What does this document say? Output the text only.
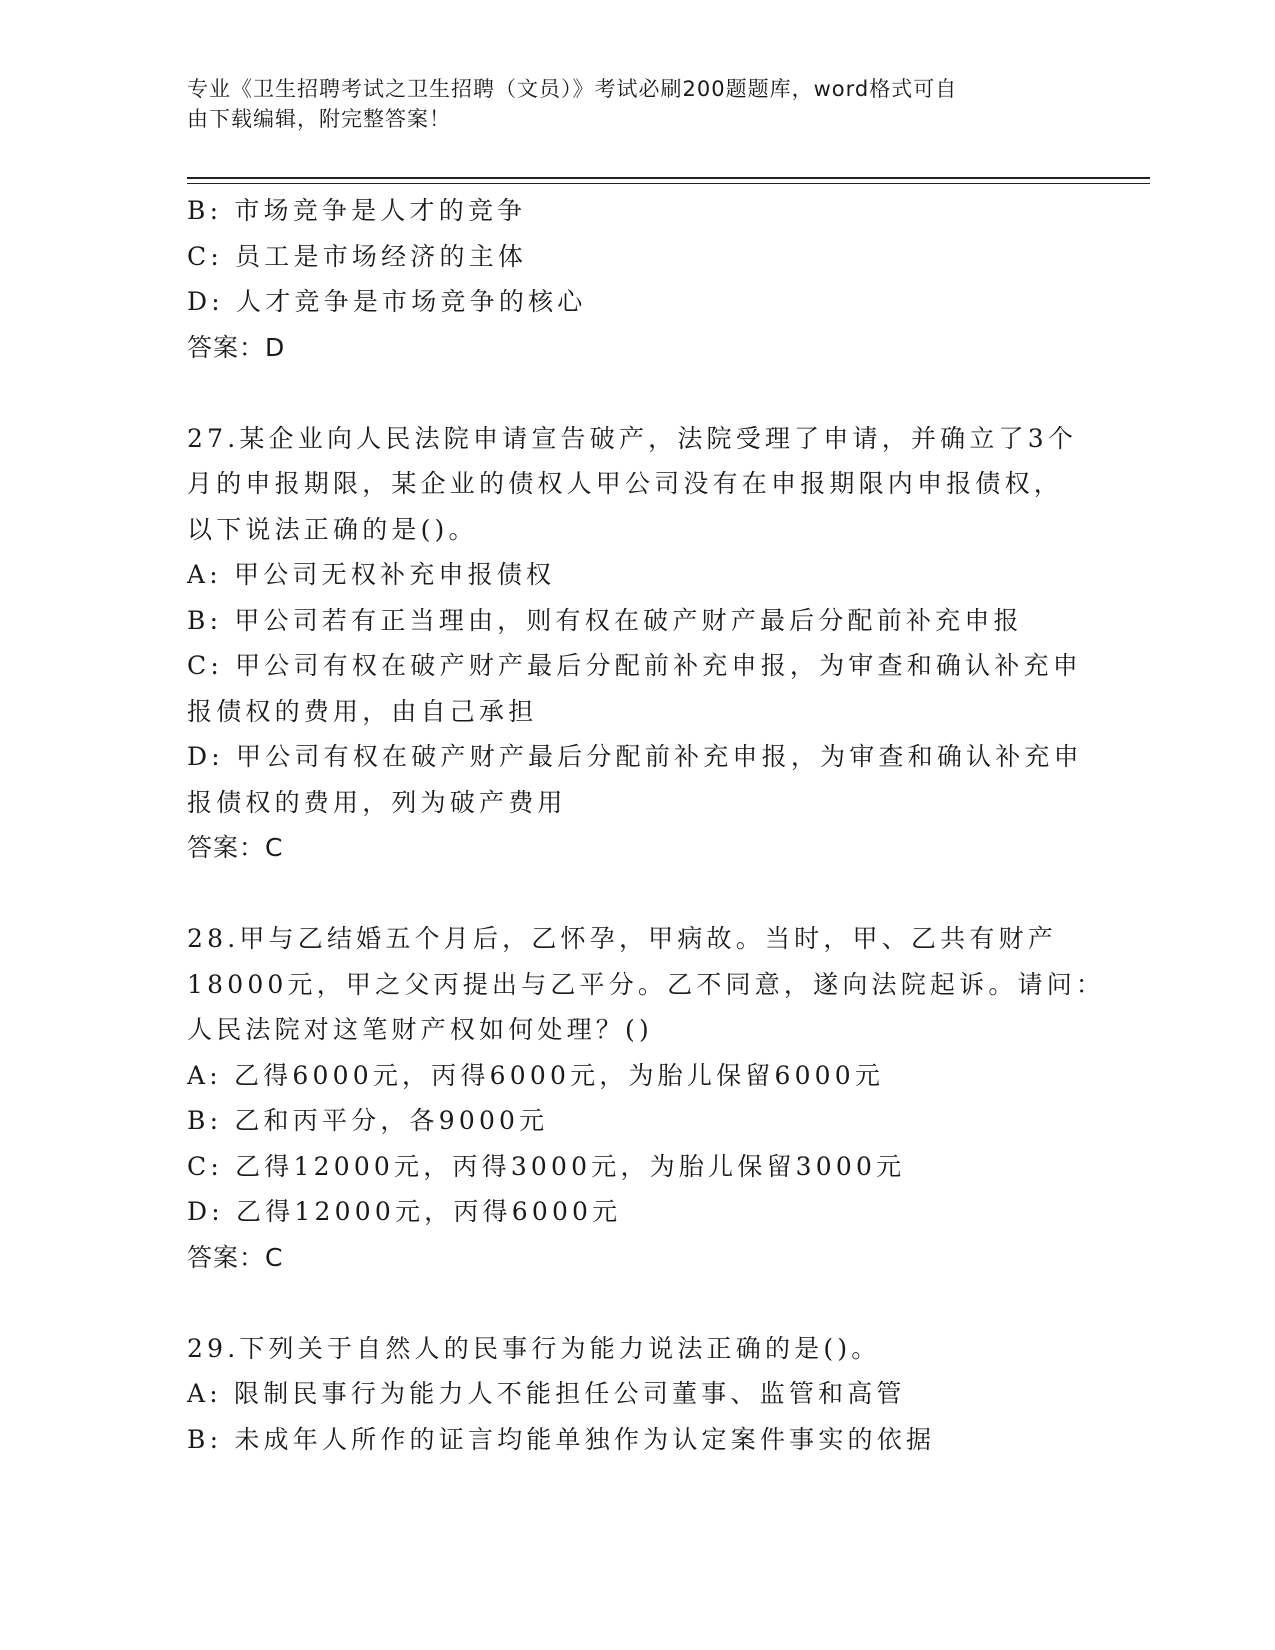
专业《卫生招聘考试之卫生招聘（文员）》考试必刷200题题库，word格式可自
由下载编辑，附完整答案！
B: 市场竞争是人才的竞争
C: 员工是市场经济的主体
D: 人才竞争是市场竞争的核心
答案：D
27.某企业向人民法院申请宣告破产，法院受理了申请，并确立了3个
月的申报期限，某企业的债权人甲公司没有在申报期限内申报债权，
以下说法正确的是()。
A: 甲公司无权补充申报债权
B: 甲公司若有正当理由，则有权在破产财产最后分配前补充申报
C: 甲公司有权在破产财产最后分配前补充申报，为审查和确认补充申
报债权的费用，由自己承担
D: 甲公司有权在破产财产最后分配前补充申报，为审查和确认补充申
报债权的费用，列为破产费用
答案：C
28.甲与乙结婚五个月后，乙怀孕，甲病故。当时，甲、乙共有财产
18000元，甲之父丙提出与乙平分。乙不同意，遂向法院起诉。请问：
人民法院对这笔财产权如何处理？()
A: 乙得6000元，丙得6000元，为胎儿保留6000元
B: 乙和丙平分，各9000元
C: 乙得12000元，丙得3000元，为胎儿保留3000元
D: 乙得12000元，丙得6000元
答案：C
29.下列关于自然人的民事行为能力说法正确的是()。
A: 限制民事行为能力人不能担任公司董事、监管和高管
B: 未成年人所作的证言均能单独作为认定案件事实的依据
